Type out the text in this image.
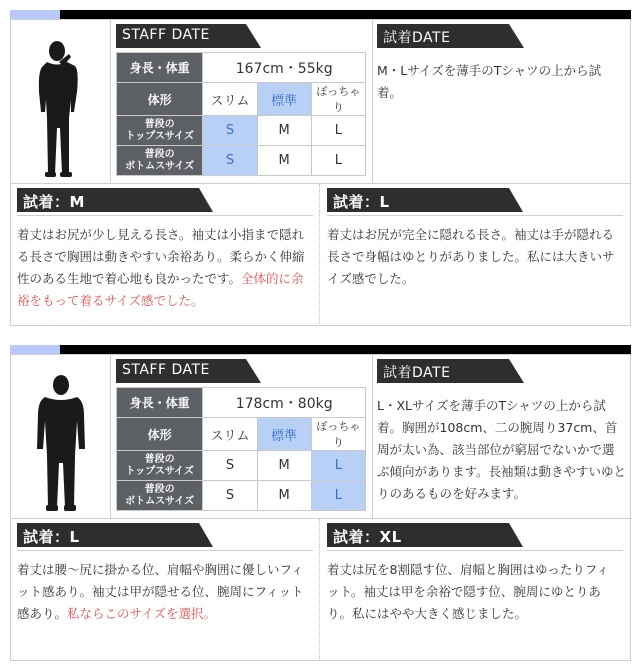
STAFF DATE
身長・体重	167cm・55kg		
体形	スリム	標準	ぽっちゃり
普段の
トップスサイズ	S	M	L
普段の
ボトムスサイズ	S	M	L
試着DATE

M・Lサイズを薄手のTシャツの上から試着。

試着：M

着丈はお尻が少し見える長さ。袖丈は小指まで隠れる長さで胸囲は動きやすい余裕あり。柔らかく伸縮性のある生地で着心地も良かったです。全体的に余裕をもって着るサイズ感でした。

試着：L

着丈はお尻が完全に隠れる長さ。袖丈は手が隠れる長さで身幅はゆとりがありました。私には大きいサイズ感でした。

STAFF DATE
身長・体重	178cm・80kg		
体形	スリム	標準	ぽっちゃり
普段の
トップスサイズ	S	M	L
普段の
ボトムスサイズ	S	M	L
試着DATE

L・XLサイズを薄手のTシャツの上から試着。胸囲が108cm、二の腕周り37cm、首周が太い為、該当部位が窮屈でないかで選ぶ傾向があります。長袖類は動きやすいゆとりのあるものを好みます。

試着：L

着丈は腰〜尻に掛かる位、肩幅や胸囲に優しいフィット感あり。袖丈は甲が隠せる位、腕周にフィット感あり。私ならこのサイズを選択。

試着：XL

着丈は尻を8割隠す位、肩幅と胸囲はゆったりフィット。袖丈は甲を余裕で隠す位、腕周にゆとりあり。私にはやや大きく感じました。
